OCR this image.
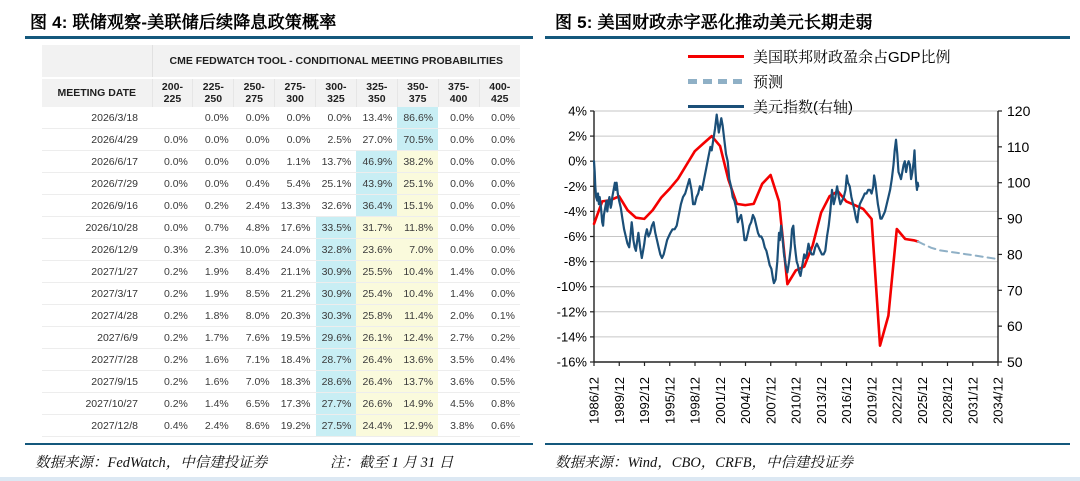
图 4: 联储观察-美联储后续降息政策概率
	CME FEDWATCH TOOL - CONDITIONAL MEETING PROBABILITIES								
MEETING DATE	200-225	225-250	250-275	275-300	300-325	325-350	350-375	375-400	400-425
2026/3/18		0.0%	0.0%	0.0%	0.0%	13.4%	86.6%	0.0%	0.0%
2026/4/29	0.0%	0.0%	0.0%	0.0%	2.5%	27.0%	70.5%	0.0%	0.0%
2026/6/17	0.0%	0.0%	0.0%	1.1%	13.7%	46.9%	38.2%	0.0%	0.0%
2026/7/29	0.0%	0.0%	0.4%	5.4%	25.1%	43.9%	25.1%	0.0%	0.0%
2026/9/16	0.0%	0.2%	2.4%	13.3%	32.6%	36.4%	15.1%	0.0%	0.0%
2026/10/28	0.0%	0.7%	4.8%	17.6%	33.5%	31.7%	11.8%	0.0%	0.0%
2026/12/9	0.3%	2.3%	10.0%	24.0%	32.8%	23.6%	7.0%	0.0%	0.0%
2027/1/27	0.2%	1.9%	8.4%	21.1%	30.9%	25.5%	10.4%	1.4%	0.0%
2027/3/17	0.2%	1.9%	8.5%	21.2%	30.9%	25.4%	10.4%	1.4%	0.0%
2027/4/28	0.2%	1.8%	8.0%	20.3%	30.3%	25.8%	11.4%	2.0%	0.1%
2027/6/9	0.2%	1.7%	7.6%	19.5%	29.6%	26.1%	12.4%	2.7%	0.2%
2027/7/28	0.2%	1.6%	7.1%	18.4%	28.7%	26.4%	13.6%	3.5%	0.4%
2027/9/15	0.2%	1.6%	7.0%	18.3%	28.6%	26.4%	13.7%	3.6%	0.5%
2027/10/27	0.2%	1.4%	6.5%	17.3%	27.7%	26.6%	14.9%	4.5%	0.8%
2027/12/8	0.4%	2.4%	8.6%	19.2%	27.5%	24.4%	12.9%	3.8%	0.6%
数据来源：FedWatch，中信建投证券	注：截至 1 月 31 日
图 5: 美国财政赤字恶化推动美元长期走弱
美国联邦财政盈余占GDP比例
预测
美元指数(右轴)
4%
2%
0%
-2%
-4%
-6%
-8%
-10%
-12%
-14%
-16%
120
110
100
90
80
70
60
50
1986/12 1989/12 1992/12 1995/12 1998/12 2001/12 2004/12 2007/12 2010/12 2013/12 2016/12 2019/12 2022/12 2025/12 2028/12 2031/12 2034/12
数据来源：Wind，CBO，CRFB，中信建投证券
